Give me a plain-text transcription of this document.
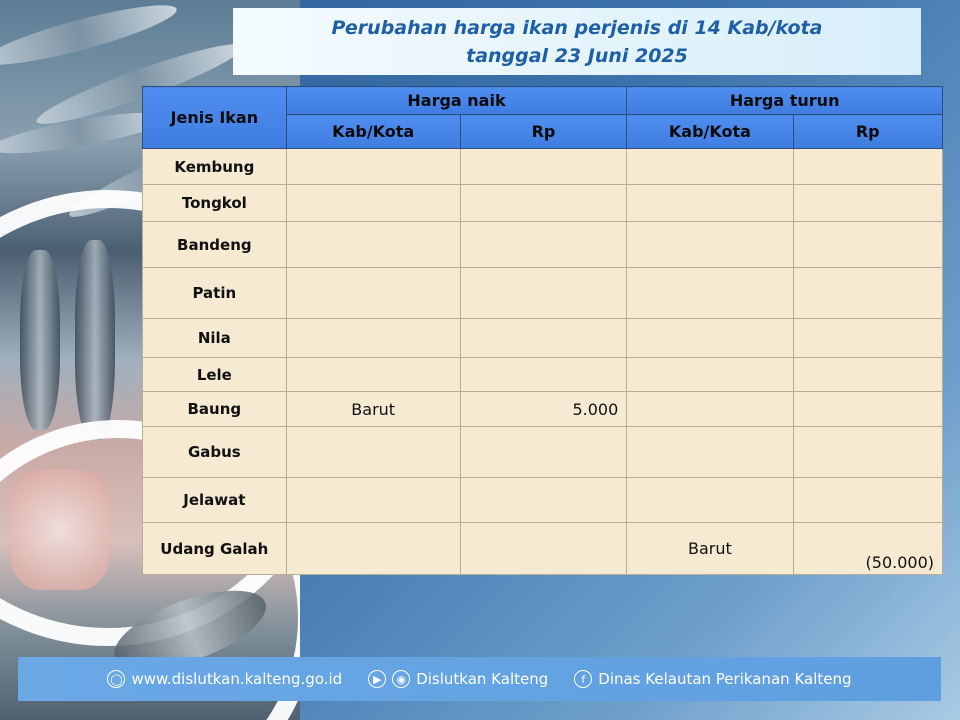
Perubahan harga ikan perjenis di 14 Kab/kota
tanggal 23 Juni 2025
Jenis Ikan	Harga naik		Harga turun	
	Kab/Kota	Rp	Kab/Kota	Rp
Kembung				
Tongkol				
Bandeng				
Patin				
Nila				
Lele				
Baung	Barut	5.000		
Gabus				
Jelawat				
Udang Galah			Barut	(50.000)
◯ www.dislutkan.kalteng.go.id	▶	◉ Dislutkan Kalteng	f Dinas Kelautan Perikanan Kalteng
